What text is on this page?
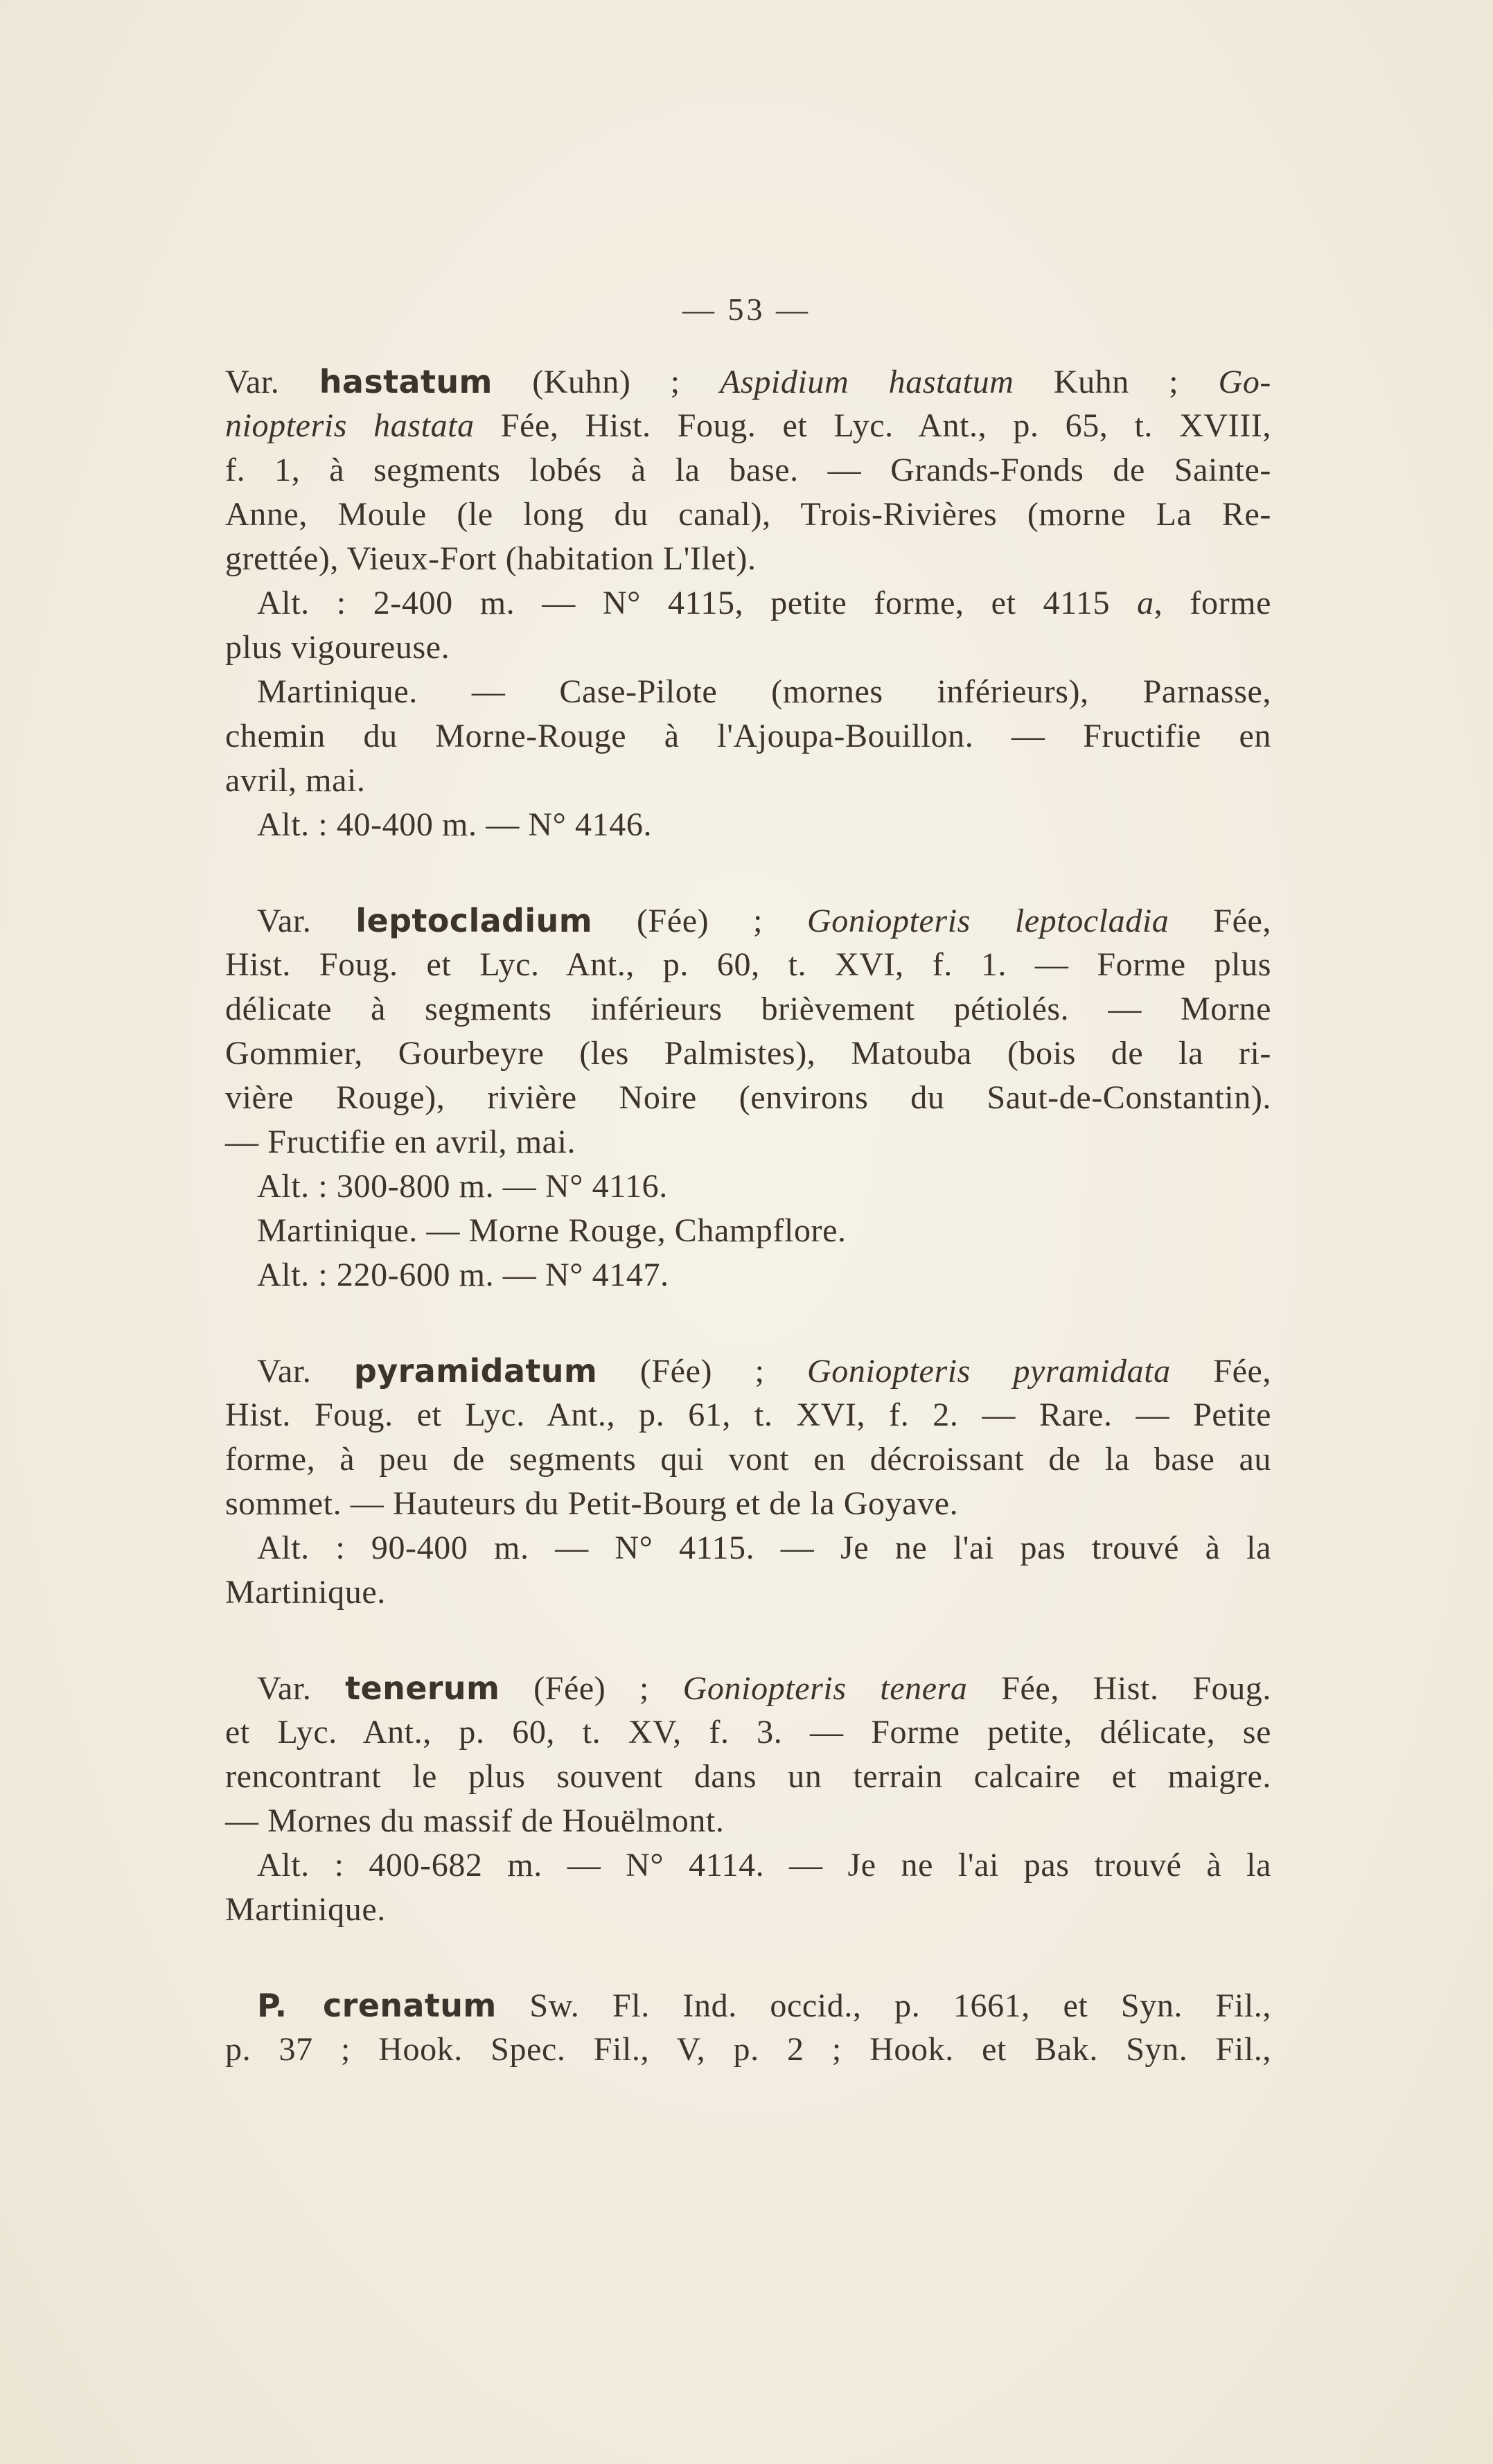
— 53 —
Var. hastatum (Kuhn) ; Aspidium hastatum Kuhn ; Go-
niopteris hastata Fée, Hist. Foug. et Lyc. Ant., p. 65, t. XVIII,
f. 1, à segments lobés à la base. — Grands-Fonds de Sainte-
Anne, Moule (le long du canal), Trois-Rivières (morne La Re-
grettée), Vieux-Fort (habitation L'Ilet).
Alt. : 2-400 m. — N° 4115, petite forme, et 4115 a, forme
plus vigoureuse.
Martinique. — Case-Pilote (mornes inférieurs), Parnasse,
chemin du Morne-Rouge à l'Ajoupa-Bouillon. — Fructifie en
avril, mai.
Alt. : 40-400 m. — N° 4146.
Var. leptocladium (Fée) ; Goniopteris leptocladia Fée,
Hist. Foug. et Lyc. Ant., p. 60, t. XVI, f. 1. — Forme plus
délicate à segments inférieurs brièvement pétiolés. — Morne
Gommier, Gourbeyre (les Palmistes), Matouba (bois de la ri-
vière Rouge), rivière Noire (environs du Saut-de-Constantin).
— Fructifie en avril, mai.
Alt. : 300-800 m. — N° 4116.
Martinique. — Morne Rouge, Champflore.
Alt. : 220-600 m. — N° 4147.
Var. pyramidatum (Fée) ; Goniopteris pyramidata Fée,
Hist. Foug. et Lyc. Ant., p. 61, t. XVI, f. 2. — Rare. — Petite
forme, à peu de segments qui vont en décroissant de la base au
sommet. — Hauteurs du Petit-Bourg et de la Goyave.
Alt. : 90-400 m. — N° 4115. — Je ne l'ai pas trouvé à la
Martinique.
Var. tenerum (Fée) ; Goniopteris tenera Fée, Hist. Foug.
et Lyc. Ant., p. 60, t. XV, f. 3. — Forme petite, délicate, se
rencontrant le plus souvent dans un terrain calcaire et maigre.
— Mornes du massif de Houëlmont.
Alt. : 400-682 m. — N° 4114. — Je ne l'ai pas trouvé à la
Martinique.
P. crenatum Sw. Fl. Ind. occid., p. 1661, et Syn. Fil.,
p. 37 ; Hook. Spec. Fil., V, p. 2 ; Hook. et Bak. Syn. Fil.,
